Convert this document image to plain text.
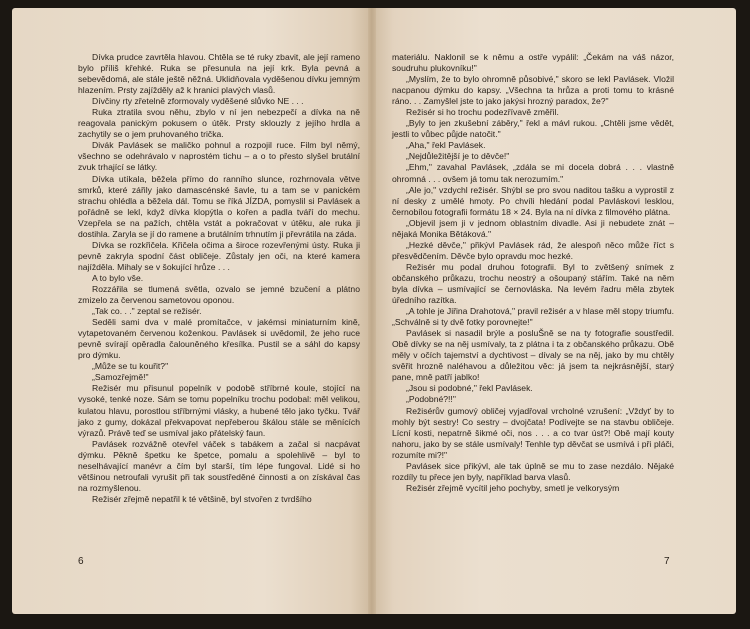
Dívka prudce zavrtěla hlavou. Chtěla se té ruky zbavit, ale její rameno bylo příliš křehké. Ruka se přesunula na její krk. Byla pevná a sebevědomá, ale stále ještě něžná. Uklidňovala vyděšenou dívku jemným hlazením. Prsty zajížděly až k hranici plavých vlasů.

Dívčiny rty zřetelně zformovaly vyděšené slůvko NE . . .

Ruka ztratila svou něhu, zbylo v ní jen nebezpečí a dívka na ně reagovala panickým pokusem o útěk. Prsty sklouzly z jejího hrdla a zachytily se o jem pruhovaného trička.

Divák Pavlásek se maličko pohnul a rozpojil ruce. Film byl němý, všechno se odehrávalo v naprostém tichu – a o to přesto slyšel brutální zvuk trhající se látky.

Dívka utíkala, běžela přímo do ranního slunce, rozhrnovala větve smrků, které zářily jako damascénské šavle, tu a tam se v panickém strachu ohlédla a běžela dál. Tomu se říká JÍZDA, pomyslil si Pavlásek a pořádně se lekl, když dívka klopýtla o kořen a padla tváří do mechu. Vzepřela se na pažích, chtěla vstát a pokračovat v útěku, ale ruka ji dostihla. Zaryla se jí do ramene a brutálním trhnutím ji převrátila na záda.

Dívka se rozkřičela. Křičela očima a široce rozevřenými ústy. Ruka ji pevně zakryla spodní část obličeje. Zůstaly jen oči, na které kamera najížděla. Mihaly se v šokující hrůze . . .

A to bylo vše.

Rozzářila se tlumená světla, ozvalo se jemné bzučení a plátno zmizelo za červenou sametovou oponou.

„Tak co. . ." zeptal se režisér.

Seděli sami dva v malé promítačce, v jakémsi miniaturním kině, vytapetovaném červenou koženkou. Pavlásek si uvědomil, že jeho ruce pevně svírají opěradla čalouněného křesílka. Pustil se a sáhl do kapsy pro dýmku.

„Může se tu kouřit?"

„Samozřejmě!"

Režisér mu přisunul popelník v podobě stříbrné koule, stojící na vysoké, tenké noze. Sám se tomu popelníku trochu podobal: měl velikou, kulatou hlavu, porostlou stříbrnými vlásky, a hubené tělo jako tyčku. Tvář jako z gumy, dokázal překvapovat nepřeberou škálou stále se měnících výrazů. Právě teď se usmíval jako přátelský faun.

Pavlásek rozvážně otevřel váček s tabákem a začal si nacpávat dýmku. Pěkně špetku ke špetce, pomalu a spolehlivě – byl to neselhávající manévr a čím byl starší, tím lépe fungoval. Lidé si ho většinou netroufali vyrušit při tak soustředěné činnosti a on získával čas na rozmyšlenou.

Režisér zřejmě nepatřil k té většině, byl stvořen z tvrdšího

6

materiálu. Naklonil se k němu a ostře vypálil: „Čekám na váš názor, soudruhu plukovníku!"

„Myslím, že to bylo ohromně působivé," skoro se lekl Pavlásek. Vložil nacpanou dýmku do kapsy. „Všechna ta hrůza a proti tomu to krásné ráno. . . Zamyšlel jste to jako jakýsi hrozný paradox, že?"

Režisér si ho trochu podezřívavě změřil.

„Byly to jen zkušební záběry," řekl a mávl rukou. „Chtěli jsme vědět, jestli to vůbec půjde natočit."

„Aha," řekl Pavlásek.

„Nejdůležitější je to děvče!"

„Ehm," zavahal Pavlásek, „zdála se mi docela dobrá . . . vlastně ohromná . . . ovšem já tomu tak nerozumím."

„Ale jo," vzdychl režisér. Shýbl se pro svou naditou tašku a vyprostil z ní desky z umělé hmoty. Po chvíli hledání podal Pavláskovi lesklou, černobílou fotografii formátu 18 × 24. Byla na ní dívka z filmového plátna.

„Objevil jsem ji v jednom oblastním divadle. Asi ji nebudete znát – nějaká Monika Bětáková."

„Hezké děvče," přikývl Pavlásek rád, že alespoň něco může říct s přesvědčením. Děvče bylo opravdu moc hezké.

Režisér mu podal druhou fotografii. Byl to zvětšený snímek z občanského průkazu, trochu neostrý a ošoupaný stářím. Také na něm byla dívka – usmívající se černovláska. Na levém řadru měla zbytek úředního razítka.

„A tohle je Jiřina Drahotová," pravil režisér a v hlase měl stopy triumfu. „Schválně si ty dvě fotky porovnejte!"

Pavlásek si nasadil brýle a posluŠně se na ty fotografie soustředil. Obě dívky se na něj usmívaly, ta z plátna i ta z občanského průkazu. Obě měly v očích tajemství a dychtivost – dívaly se na něj, jako by mu chtěly svěřit hrozně naléhavou a důležitou věc: já jsem ta nejkrásnější, starý pane, mně patří jablko!

„Jsou si podobné," řekl Pavlásek.

„Podobné?!!"

Režisérův gumový obličej vyjadřoval vrcholné vzrušení: „Vždyť by to mohly být sestry! Co sestry – dvojčata! Podívejte se na stavbu obličeje. Lícní kosti, nepatrně šikmé oči, nos . . . a co tvar úst?! Obě mají kouty nahoru, jako by se stále usmívaly! Tenhle typ děvčat se usmívá i při pláči, rozumíte mi?!"

Pavlásek sice přikývl, ale tak úplně se mu to zase nezdálo. Nějaké rozdíly tu přece jen byly, například barva vlasů.

Režisér zřejmě vycítil jeho pochyby, smetl je velkorysým

7
